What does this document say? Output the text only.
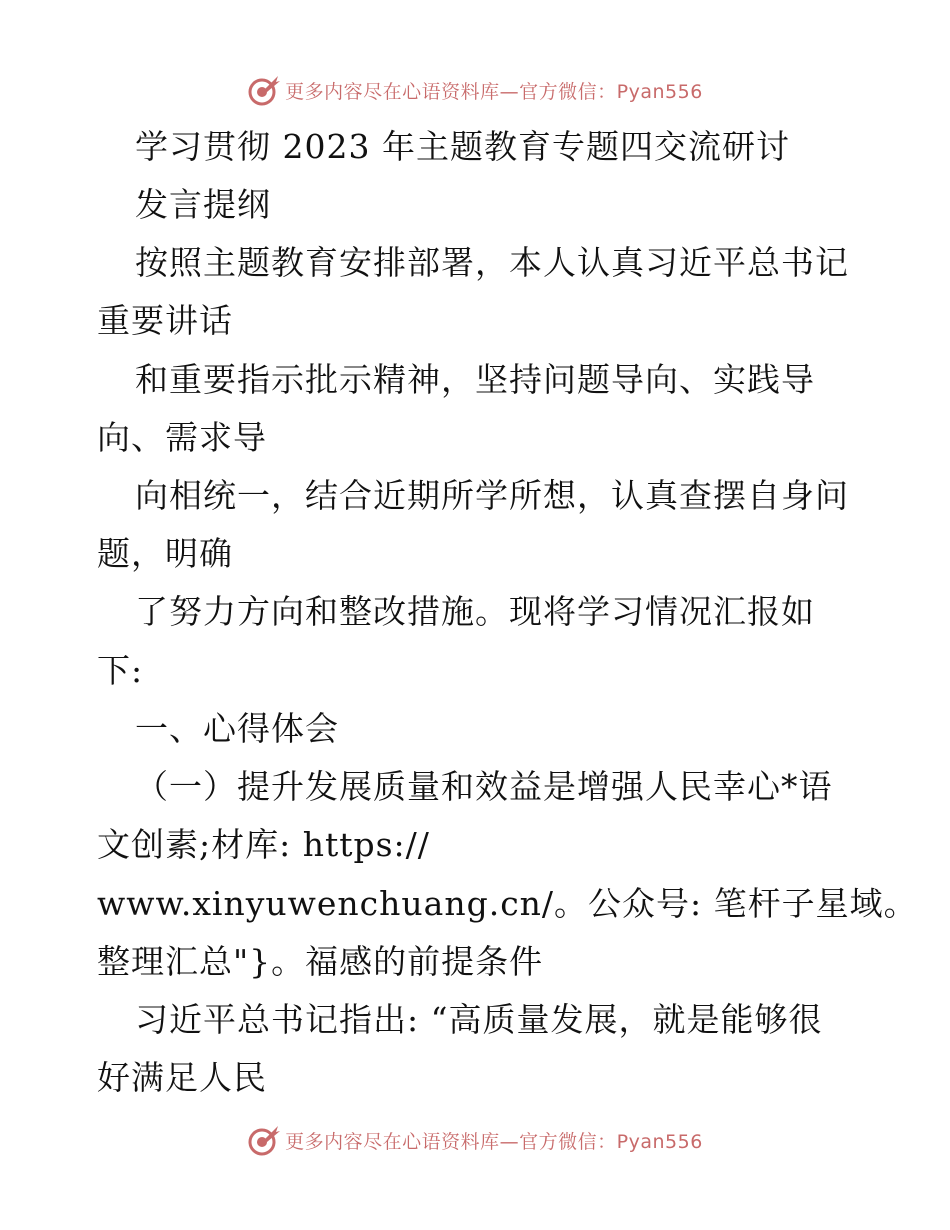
更多内容尽在心语资料库—官方微信：Pyan556
学习贯彻 2023 年主题教育专题四交流研讨
发言提纲
按照主题教育安排部署，本人认真习近平总书记
重要讲话
和重要指示批示精神，坚持问题导向、实践导
向、需求导
向相统一，结合近期所学所想，认真查摆自身问
题，明确
了努力方向和整改措施。现将学习情况汇报如
下:
一、心得体会
（一）提升发展质量和效益是增强人民幸心*语
文创素;材库: https://
www.xinyuwenchuang.cn/。公众号: 笔杆子星域。
整理汇总"}。福感的前提条件
习近平总书记指出: “高质量发展，就是能够很
好满足人民
更多内容尽在心语资料库—官方微信：Pyan556
